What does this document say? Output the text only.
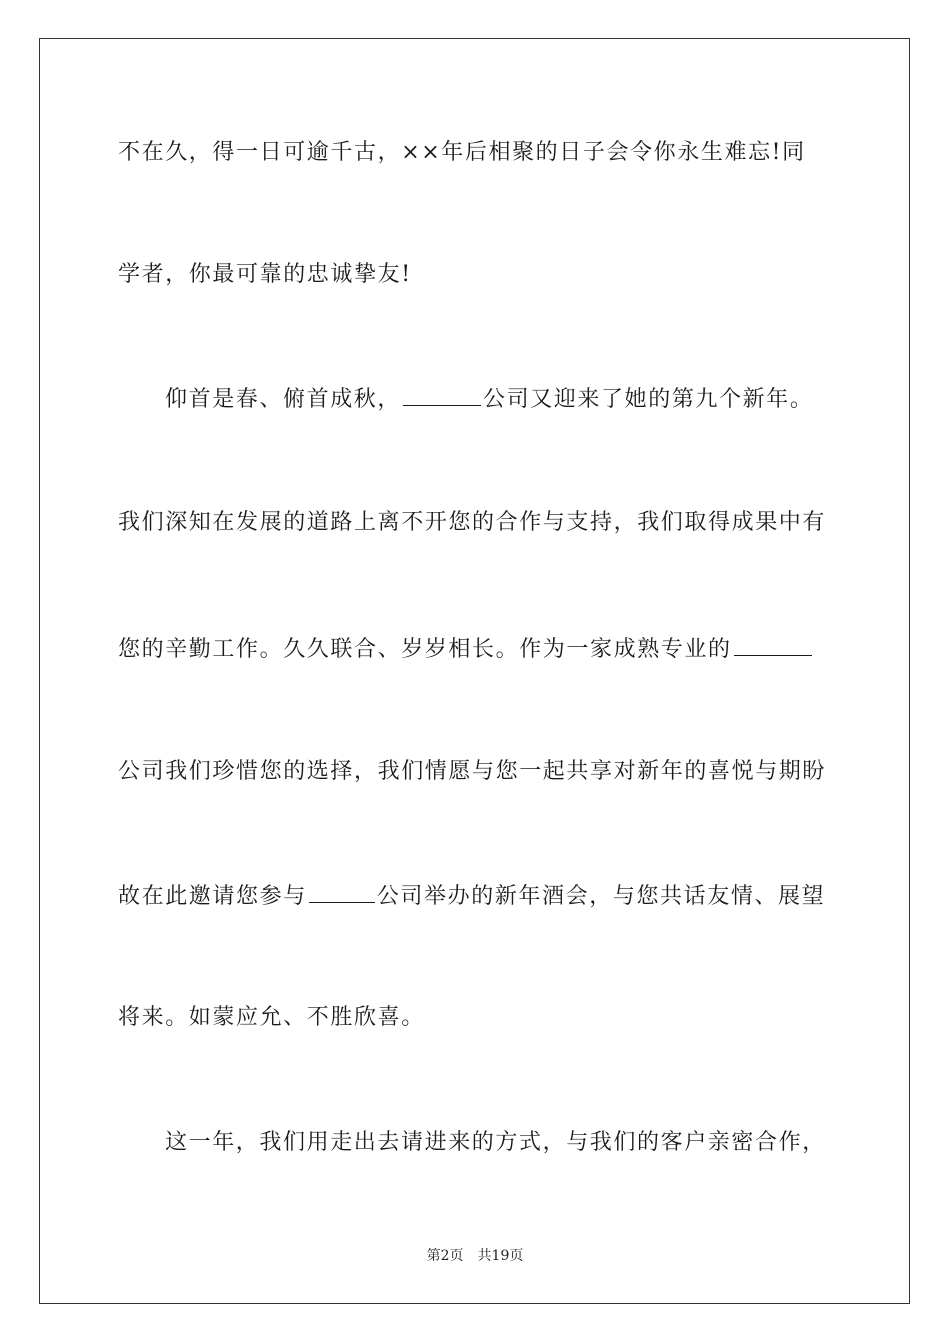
不在久，得一日可逾千古，××年后相聚的日子会令你永生难忘!同
学者，你最可靠的忠诚挚友!
仰首是春、俯首成秋，	公司又迎来了她的第九个新年。
我们深知在发展的道路上离不开您的合作与支持，我们取得成果中有
您的辛勤工作。久久联合、岁岁相长。作为一家成熟专业的
公司我们珍惜您的选择，我们情愿与您一起共享对新年的喜悦与期盼
故在此邀请您参与	公司举办的新年酒会，与您共话友情、展望
将来。如蒙应允、不胜欣喜。
这一年，我们用走出去请进来的方式，与我们的客户亲密合作，
第2页 共19页
